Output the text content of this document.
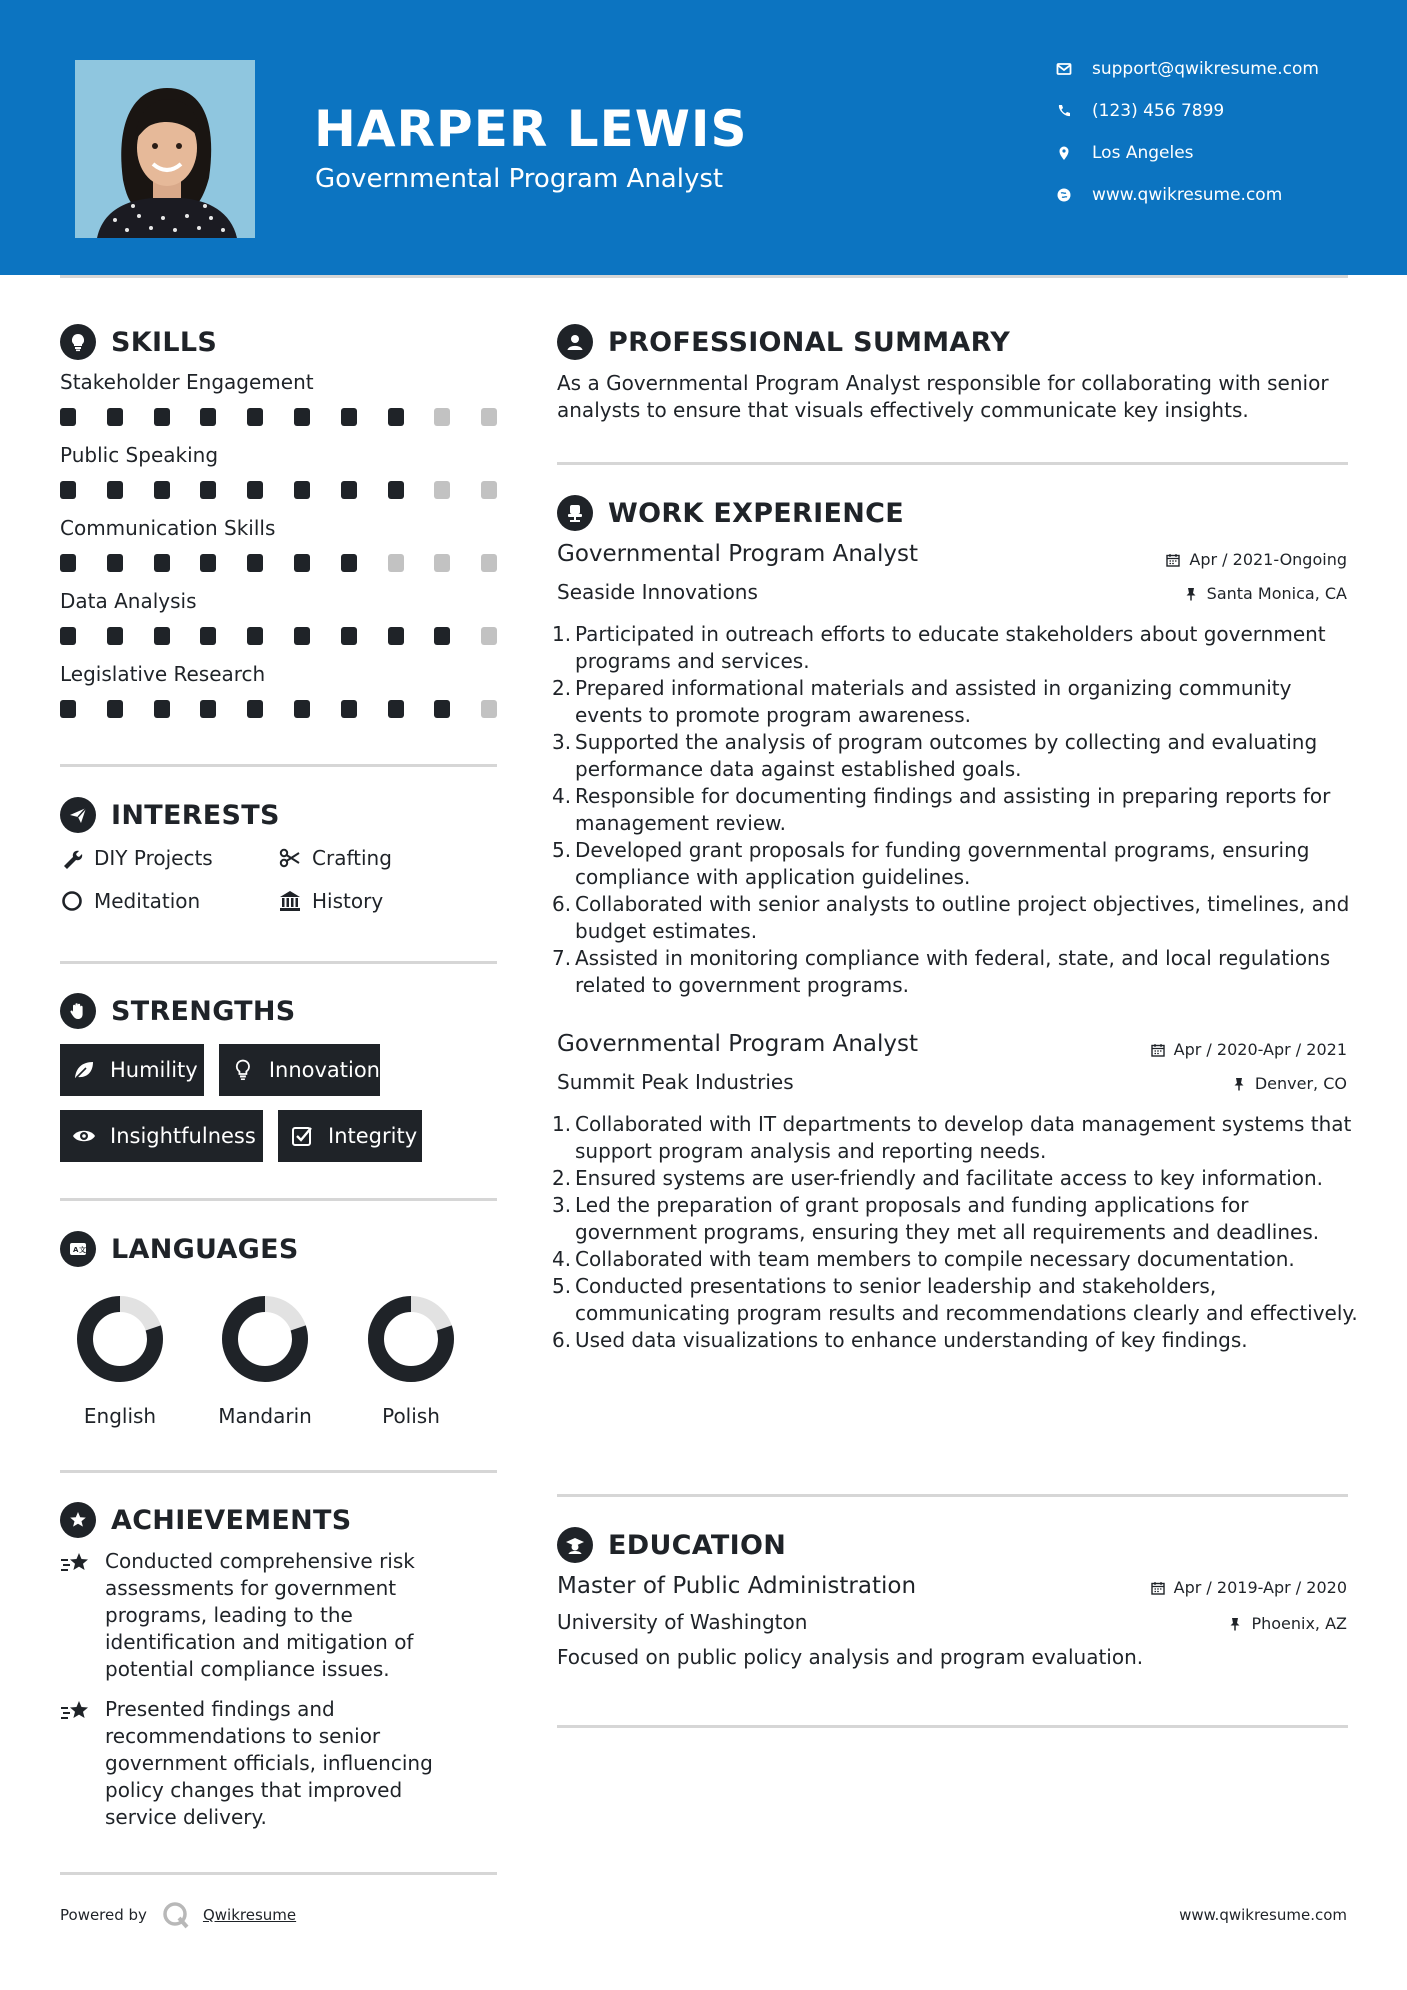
HARPER LEWIS
Governmental Program Analyst
support@qwikresume.com
(123) 456 7899
Los Angeles
www.qwikresume.com
SKILLS
Stakeholder Engagement
Public Speaking
Communication Skills
Data Analysis
Legislative Research
INTERESTS
DIY Projects	Crafting
Meditation	History
STRENGTHS
Humility	Innovation
Insightfulness	Integrity
A 文 LANGUAGES
English	Mandarin	Polish
ACHIEVEMENTS

Conducted comprehensive risk assessments for government programs, leading to the identification and mitigation of potential compliance issues.

Presented findings and recommendations to senior government officials, influencing policy changes that improved service delivery.

PROFESSIONAL SUMMARY
As a Governmental Program Analyst responsible for collaborating with senior analysts to ensure that visuals effectively communicate key insights.
WORK EXPERIENCE
Governmental Program Analyst	Apr / 2021-Ongoing
Seaside Innovations	Santa Monica, CA
1. Participated in outreach efforts to educate stakeholders about government programs and services.
2. Prepared informational materials and assisted in organizing community events to promote program awareness.
3. Supported the analysis of program outcomes by collecting and evaluating performance data against established goals.
4. Responsible for documenting findings and assisting in preparing reports for management review.
5. Developed grant proposals for funding governmental programs, ensuring compliance with application guidelines.
6. Collaborated with senior analysts to outline project objectives, timelines, and budget estimates.
7. Assisted in monitoring compliance with federal, state, and local regulations related to government programs.
Governmental Program Analyst	Apr / 2020-Apr / 2021
Summit Peak Industries	Denver, CO
1. Collaborated with IT departments to develop data management systems that support program analysis and reporting needs.
2. Ensured systems are user-friendly and facilitate access to key information.
3. Led the preparation of grant proposals and funding applications for government programs, ensuring they met all requirements and deadlines.
4. Collaborated with team members to compile necessary documentation.
5. Conducted presentations to senior leadership and stakeholders, communicating program results and recommendations clearly and effectively.
6. Used data visualizations to enhance understanding of key findings.
EDUCATION
Master of Public Administration	Apr / 2019-Apr / 2020
University of Washington	Phoenix, AZ
Focused on public policy analysis and program evaluation.
Powered by	Qwikresume	www.qwikresume.com
